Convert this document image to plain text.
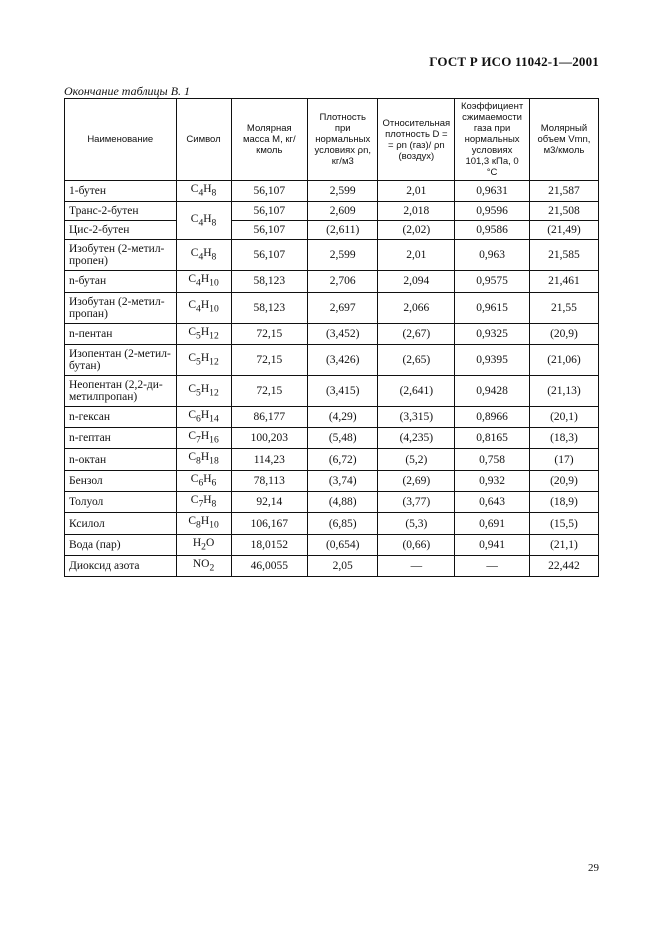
ГОСТ Р ИСО 11042-1—2001
Окончание таблицы В. 1
Наименование	Символ	Молярная масса M, кг/кмоль	Плотность при нормальных условиях ρn, кг/м3	Относительная плотность D = = ρn (газ)/ ρn (воздух)	Коэффициент сжимаемости газа при нормальных условиях 101,3 кПа, 0 °C	Молярный объем Vmn, м3/кмоль
1-бутен	$C_4H_8$	56,107	2,599	2,01	0,9631	21,587
Транс-2-бутен	$C_4H_8$	56,107	2,609	2,018	0,9596	21,508
Цис-2-бутен		56,107	(2,611)	(2,02)	0,9586	(21,49)
Изобутен (2-метил-пропен)	$C_4H_8$	56,107	2,599	2,01	0,963	21,585
n-бутан	$C_4H_{10}$	58,123	2,706	2,094	0,9575	21,461
Изобутан (2-метил-пропан)	$C_4H_{10}$	58,123	2,697	2,066	0,9615	21,55
n-пентан	$C_5H_{12}$	72,15	(3,452)	(2,67)	0,9325	(20,9)
Изопентан (2-метил-бутан)	$C_5H_{12}$	72,15	(3,426)	(2,65)	0,9395	(21,06)
Неопентан (2,2-ди-метилпропан)	$C_5H_{12}$	72,15	(3,415)	(2,641)	0,9428	(21,13)
n-гексан	$C_6H_{14}$	86,177	(4,29)	(3,315)	0,8966	(20,1)
n-гептан	$C_7H_{16}$	100,203	(5,48)	(4,235)	0,8165	(18,3)
n-октан	$C_8H_{18}$	114,23	(6,72)	(5,2)	0,758	(17)
Бензол	$C_6H_6$	78,113	(3,74)	(2,69)	0,932	(20,9)
Толуол	$C_7H_8$	92,14	(4,88)	(3,77)	0,643	(18,9)
Ксилол	$C_8H_{10}$	106,167	(6,85)	(5,3)	0,691	(15,5)
Вода (пар)	$H_2O$	18,0152	(0,654)	(0,66)	0,941	(21,1)
Диоксид азота	$NO_2$	46,0055	2,05	—	—	22,442
29
